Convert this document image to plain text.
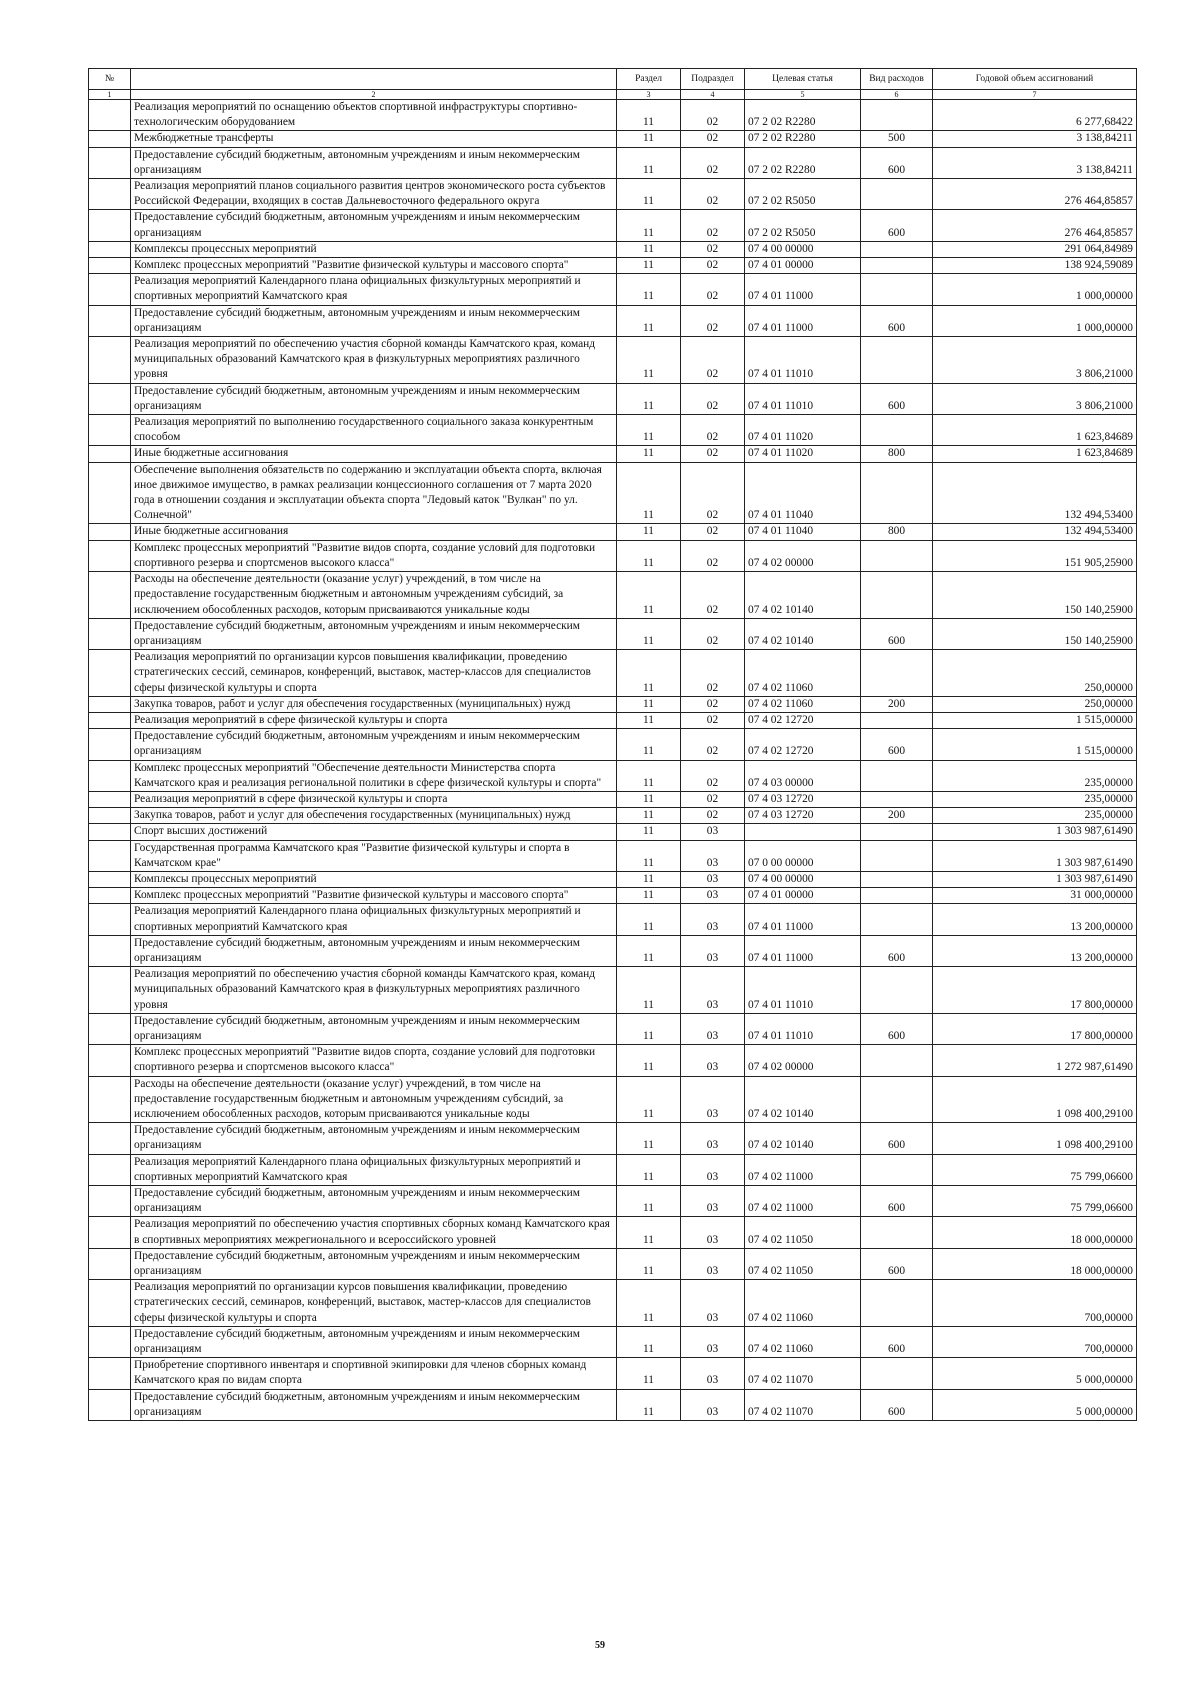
№		Раздел	Подраздел	Целевая статья	Вид расходов	Годовой объем ассигнований
1	2	3	4	5	6	7
	Реализация мероприятий по оснащению объектов спортивной инфраструктуры спортивно-технологическим оборудованием	11	02	07 2 02 R2280		6 277,68422
	Межбюджетные трансферты	11	02	07 2 02 R2280	500	3 138,84211
	Предоставление субсидий бюджетным, автономным учреждениям и иным некоммерческим организациям	11	02	07 2 02 R2280	600	3 138,84211
	Реализация мероприятий планов социального развития центров экономического роста субъектов Российской Федерации, входящих в состав Дальневосточного федерального округа	11	02	07 2 02 R5050		276 464,85857
	Предоставление субсидий бюджетным, автономным учреждениям и иным некоммерческим организациям	11	02	07 2 02 R5050	600	276 464,85857
	Комплексы процессных мероприятий	11	02	07 4 00 00000		291 064,84989
	Комплекс процессных мероприятий "Развитие физической культуры и массового спорта"	11	02	07 4 01 00000		138 924,59089
	Реализация мероприятий Календарного плана официальных физкультурных мероприятий и спортивных мероприятий Камчатского края	11	02	07 4 01 11000		1 000,00000
	Предоставление субсидий бюджетным, автономным учреждениям и иным некоммерческим организациям	11	02	07 4 01 11000	600	1 000,00000
	Реализация мероприятий по обеспечению участия сборной команды Камчатского края, команд муниципальных образований Камчатского края в физкультурных мероприятиях различного уровня	11	02	07 4 01 11010		3 806,21000
	Предоставление субсидий бюджетным, автономным учреждениям и иным некоммерческим организациям	11	02	07 4 01 11010	600	3 806,21000
	Реализация мероприятий по выполнению государственного социального заказа конкурентным способом	11	02	07 4 01 11020		1 623,84689
	Иные бюджетные ассигнования	11	02	07 4 01 11020	800	1 623,84689
	Обеспечение выполнения обязательств по содержанию и эксплуатации объекта спорта, включая иное движимое имущество, в рамках реализации концессионного соглашения от 7 марта 2020 года в отношении создания и эксплуатации объекта спорта "Ледовый каток "Вулкан" по ул. Солнечной"	11	02	07 4 01 11040		132 494,53400
	Иные бюджетные ассигнования	11	02	07 4 01 11040	800	132 494,53400
	Комплекс процессных мероприятий "Развитие видов спорта, создание условий для подготовки спортивного резерва и спортсменов высокого класса"	11	02	07 4 02 00000		151 905,25900
	Расходы на обеспечение деятельности (оказание услуг) учреждений, в том числе на предоставление государственным бюджетным и автономным учреждениям субсидий, за исключением обособленных расходов, которым присваиваются уникальные коды	11	02	07 4 02 10140		150 140,25900
	Предоставление субсидий бюджетным, автономным учреждениям и иным некоммерческим организациям	11	02	07 4 02 10140	600	150 140,25900
	Реализация мероприятий по организации курсов повышения квалификации, проведению стратегических сессий, семинаров, конференций, выставок, мастер-классов для специалистов сферы физической культуры и спорта	11	02	07 4 02 11060		250,00000
	Закупка товаров, работ и услуг для обеспечения государственных (муниципальных) нужд	11	02	07 4 02 11060	200	250,00000
	Реализация мероприятий в сфере физической культуры и спорта	11	02	07 4 02 12720		1 515,00000
	Предоставление субсидий бюджетным, автономным учреждениям и иным некоммерческим организациям	11	02	07 4 02 12720	600	1 515,00000
	Комплекс процессных мероприятий "Обеспечение деятельности Министерства спорта Камчатского края и реализация региональной политики в сфере физической культуры и спорта"	11	02	07 4 03 00000		235,00000
	Реализация мероприятий в сфере физической культуры и спорта	11	02	07 4 03 12720		235,00000
	Закупка товаров, работ и услуг для обеспечения государственных (муниципальных) нужд	11	02	07 4 03 12720	200	235,00000
	Спорт высших достижений	11	03			1 303 987,61490
	Государственная программа Камчатского края "Развитие физической культуры и спорта в Камчатском крае"	11	03	07 0 00 00000		1 303 987,61490
	Комплексы процессных мероприятий	11	03	07 4 00 00000		1 303 987,61490
	Комплекс процессных мероприятий "Развитие физической культуры и массового спорта"	11	03	07 4 01 00000		31 000,00000
	Реализация мероприятий Календарного плана официальных физкультурных мероприятий и спортивных мероприятий Камчатского края	11	03	07 4 01 11000		13 200,00000
	Предоставление субсидий бюджетным, автономным учреждениям и иным некоммерческим организациям	11	03	07 4 01 11000	600	13 200,00000
	Реализация мероприятий по обеспечению участия сборной команды Камчатского края, команд муниципальных образований Камчатского края в физкультурных мероприятиях различного уровня	11	03	07 4 01 11010		17 800,00000
	Предоставление субсидий бюджетным, автономным учреждениям и иным некоммерческим организациям	11	03	07 4 01 11010	600	17 800,00000
	Комплекс процессных мероприятий "Развитие видов спорта, создание условий для подготовки спортивного резерва и спортсменов высокого класса"	11	03	07 4 02 00000		1 272 987,61490
	Расходы на обеспечение деятельности (оказание услуг) учреждений, в том числе на предоставление государственным бюджетным и автономным учреждениям субсидий, за исключением обособленных расходов, которым присваиваются уникальные коды	11	03	07 4 02 10140		1 098 400,29100
	Предоставление субсидий бюджетным, автономным учреждениям и иным некоммерческим организациям	11	03	07 4 02 10140	600	1 098 400,29100
	Реализация мероприятий Календарного плана официальных физкультурных мероприятий и спортивных мероприятий Камчатского края	11	03	07 4 02 11000		75 799,06600
	Предоставление субсидий бюджетным, автономным учреждениям и иным некоммерческим организациям	11	03	07 4 02 11000	600	75 799,06600
	Реализация мероприятий по обеспечению участия спортивных сборных команд Камчатского края в спортивных мероприятиях межрегионального и всероссийского уровней	11	03	07 4 02 11050		18 000,00000
	Предоставление субсидий бюджетным, автономным учреждениям и иным некоммерческим организациям	11	03	07 4 02 11050	600	18 000,00000
	Реализация мероприятий по организации курсов повышения квалификации, проведению стратегических сессий, семинаров, конференций, выставок, мастер-классов для специалистов сферы физической культуры и спорта	11	03	07 4 02 11060		700,00000
	Предоставление субсидий бюджетным, автономным учреждениям и иным некоммерческим организациям	11	03	07 4 02 11060	600	700,00000
	Приобретение спортивного инвентаря и спортивной экипировки для членов сборных команд Камчатского края по видам спорта	11	03	07 4 02 11070		5 000,00000
	Предоставление субсидий бюджетным, автономным учреждениям и иным некоммерческим организациям	11	03	07 4 02 11070	600	5 000,00000
59
